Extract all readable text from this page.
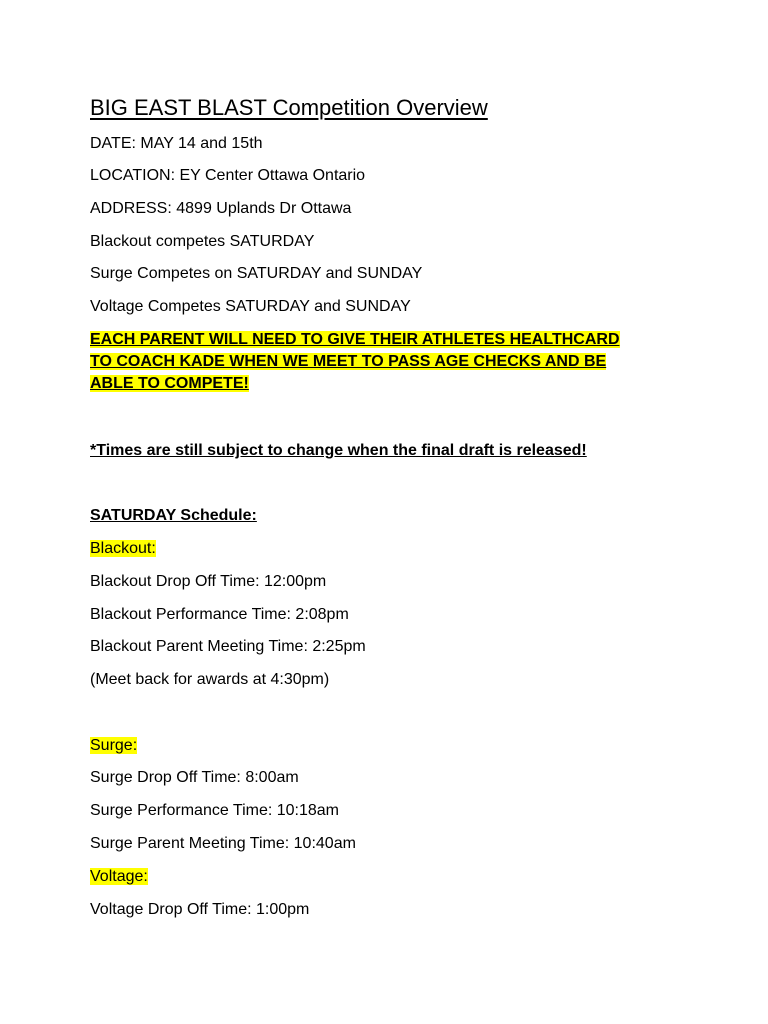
BIG EAST BLAST Competition Overview
DATE: MAY 14 and 15th
LOCATION: EY Center Ottawa Ontario
ADDRESS: 4899 Uplands Dr Ottawa
Blackout competes SATURDAY
Surge Competes on SATURDAY and SUNDAY
Voltage Competes SATURDAY and SUNDAY
EACH PARENT WILL NEED TO GIVE THEIR ATHLETES HEALTHCARD
TO COACH KADE WHEN WE MEET TO PASS AGE CHECKS AND BE
ABLE TO COMPETE!
*Times are still subject to change when the final draft is released!
SATURDAY Schedule:
Blackout:
Blackout Drop Off Time: 12:00pm
Blackout Performance Time: 2:08pm
Blackout Parent Meeting Time: 2:25pm
(Meet back for awards at 4:30pm)
Surge:
Surge Drop Off Time: 8:00am
Surge Performance Time: 10:18am
Surge Parent Meeting Time: 10:40am
Voltage:
Voltage Drop Off Time: 1:00pm
